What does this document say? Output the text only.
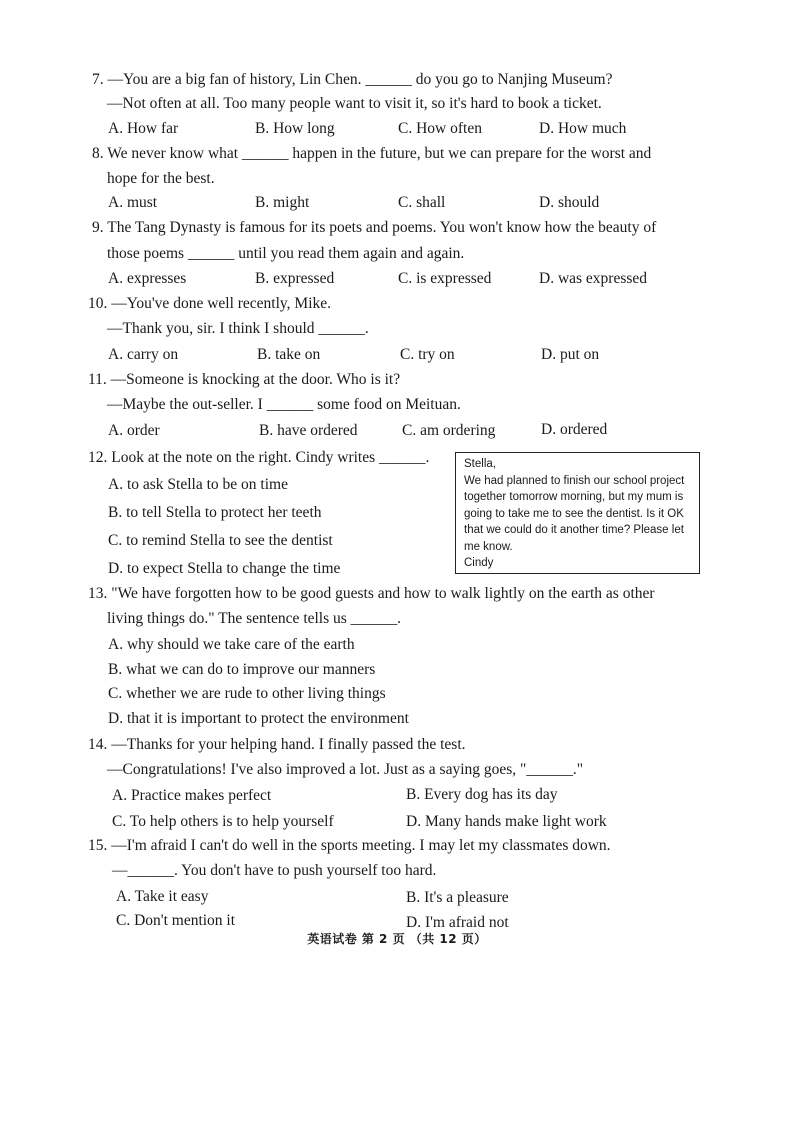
7. —You are a big fan of history, Lin Chen. ______ do you go to Nanjing Museum?
—Not often at all. Too many people want to visit it, so it's hard to book a ticket.
A. How far	B. How long	C. How often	D. How much
8. We never know what ______ happen in the future, but we can prepare for the worst and
hope for the best.
A. must	B. might	C. shall	D. should
9. The Tang Dynasty is famous for its poets and poems. You won't know how the beauty of
those poems ______ until you read them again and again.
A. expresses	B. expressed	C. is expressed	D. was expressed
10. —You've done well recently, Mike.
—Thank you, sir. I think I should ______.
A. carry on	B. take on	C. try on	D. put on
11. —Someone is knocking at the door. Who is it?
—Maybe the out-seller. I ______ some food on Meituan.
A. order	B. have ordered	C. am ordering	D. ordered
12. Look at the note on the right. Cindy writes ______.
A. to ask Stella to be on time
B. to tell Stella to protect her teeth
C. to remind Stella to see the dentist
D. to expect Stella to change the time
Stella,
We had planned to finish our school project
together tomorrow morning, but my mum is
going to take me to see the dentist. Is it OK
that we could do it another time? Please let
me know.
Cindy
13. "We have forgotten how to be good guests and how to walk lightly on the earth as other
living things do." The sentence tells us ______.
A. why should we take care of the earth
B. what we can do to improve our manners
C. whether we are rude to other living things
D. that it is important to protect the environment
14. —Thanks for your helping hand. I finally passed the test.
—Congratulations! I've also improved a lot. Just as a saying goes, "______."
A. Practice makes perfect	B. Every dog has its day
C. To help others is to help yourself	D. Many hands make light work
15. —I'm afraid I can't do well in the sports meeting. I may let my classmates down.
—______. You don't have to push yourself too hard.
A. Take it easy	B. It's a pleasure
C. Don't mention it	D. I'm afraid not
英语试卷 第 2 页 （共 12 页）
